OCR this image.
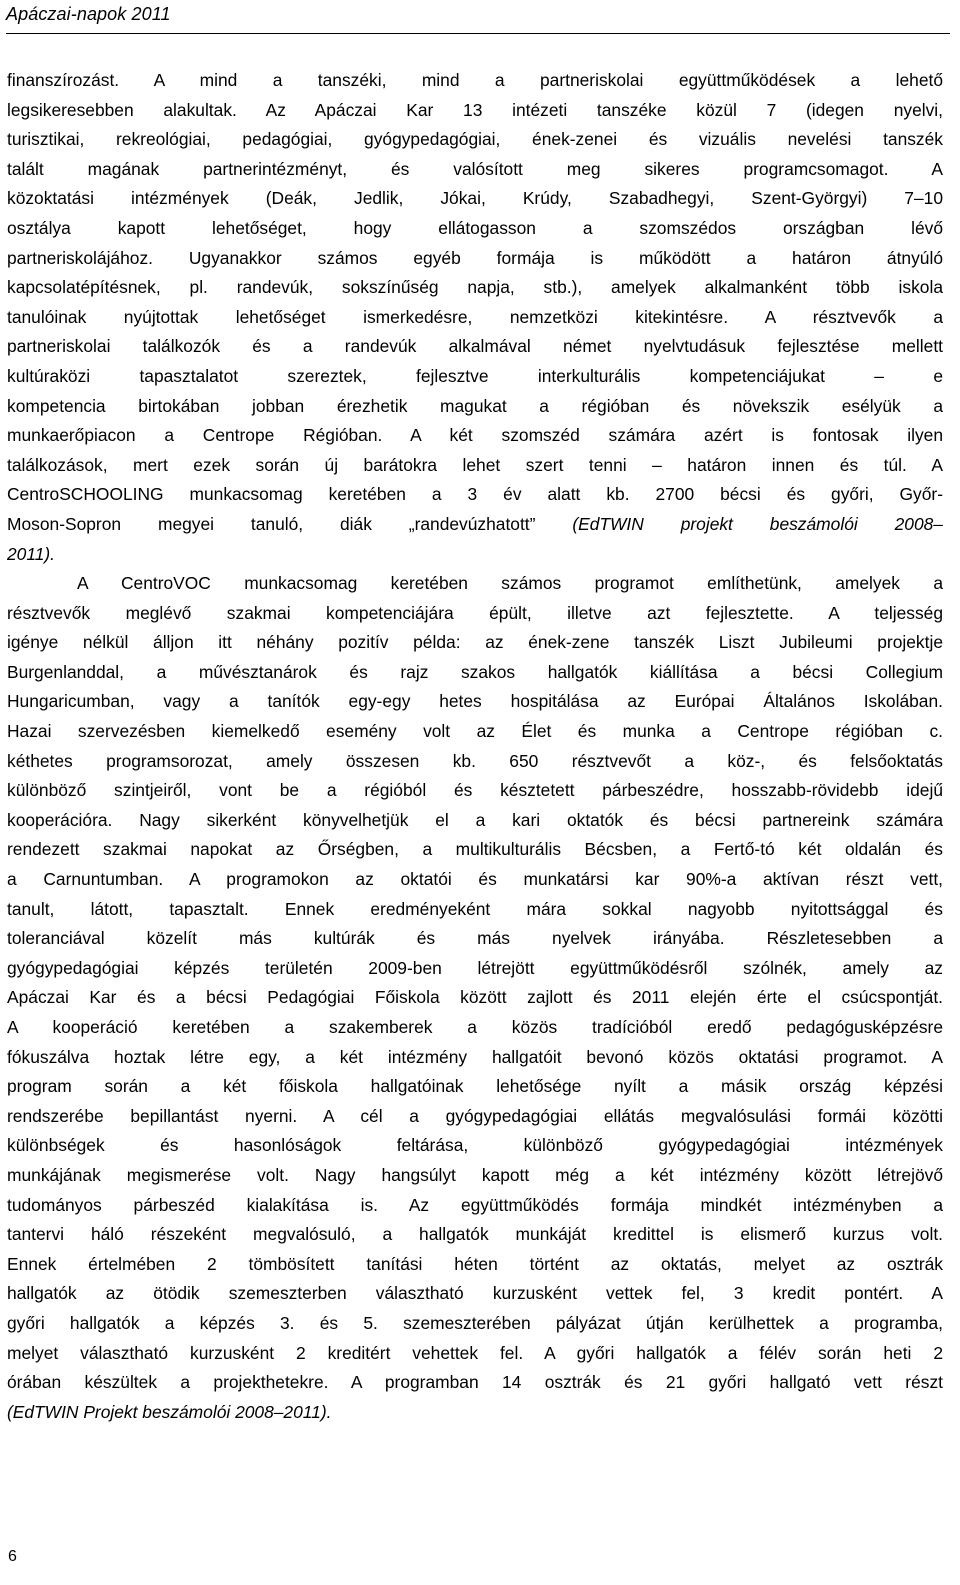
Apáczai-napok 2011
finanszírozást. A mind a tanszéki, mind a partneriskolai együttműködések a lehető
legsikeresebben alakultak. Az Apáczai Kar 13 intézeti tanszéke közül 7 (idegen nyelvi,
turisztikai, rekreológiai, pedagógiai, gyógypedagógiai, ének-zenei és vizuális nevelési tanszék
talált magának partnerintézményt, és valósított meg sikeres programcsomagot. A
közoktatási intézmények (Deák, Jedlik, Jókai, Krúdy, Szabadhegyi, Szent-Györgyi) 7–10
osztálya kapott lehetőséget, hogy ellátogasson a szomszédos országban lévő
partneriskolájához. Ugyanakkor számos egyéb formája is működött a határon átnyúló
kapcsolatépítésnek, pl. randevúk, sokszínűség napja, stb.), amelyek alkalmanként több iskola
tanulóinak nyújtottak lehetőséget ismerkedésre, nemzetközi kitekintésre. A résztvevők a
partneriskolai találkozók és a randevúk alkalmával német nyelvtudásuk fejlesztése mellett
kultúraközi tapasztalatot szereztek, fejlesztve interkulturális kompetenciájukat – e
kompetencia birtokában jobban érezhetik magukat a régióban és növekszik esélyük a
munkaerőpiacon a Centrope Régióban. A két szomszéd számára azért is fontosak ilyen
találkozások, mert ezek során új barátokra lehet szert tenni – határon innen és túl. A
CentroSCHOOLING munkacsomag keretében a 3 év alatt kb. 2700 bécsi és győri, Győr-
Moson-Sopron megyei tanuló, diák „randevúzhatott” (EdTWIN projekt beszámolói 2008–
2011).
A CentroVOC munkacsomag keretében számos programot említhetünk, amelyek a
résztvevők meglévő szakmai kompetenciájára épült, illetve azt fejlesztette. A teljesség
igénye nélkül álljon itt néhány pozitív példa: az ének-zene tanszék Liszt Jubileumi projektje
Burgenlanddal, a művésztanárok és rajz szakos hallgatók kiállítása a bécsi Collegium
Hungaricumban, vagy a tanítók egy-egy hetes hospitálása az Európai Általános Iskolában.
Hazai szervezésben kiemelkedő esemény volt az Élet és munka a Centrope régióban c.
kéthetes programsorozat, amely összesen kb. 650 résztvevőt a köz-, és felsőoktatás
különböző szintjeiről, vont be a régióból és késztetett párbeszédre, hosszabb-rövidebb idejű
kooperációra. Nagy sikerként könyvelhetjük el a kari oktatók és bécsi partnereink számára
rendezett szakmai napokat az Őrségben, a multikulturális Bécsben, a Fertő-tó két oldalán és
a Carnuntumban. A programokon az oktatói és munkatársi kar 90%-a aktívan részt vett,
tanult, látott, tapasztalt. Ennek eredményeként mára sokkal nagyobb nyitottsággal és
toleranciával közelít más kultúrák és más nyelvek irányába. Részletesebben a
gyógypedagógiai képzés területén 2009-ben létrejött együttműködésről szólnék, amely az
Apáczai Kar és a bécsi Pedagógiai Főiskola között zajlott és 2011 elején érte el csúcspontját.
A kooperáció keretében a szakemberek a közös tradícióból eredő pedagógusképzésre
fókuszálva hoztak létre egy, a két intézmény hallgatóit bevonó közös oktatási programot. A
program során a két főiskola hallgatóinak lehetősége nyílt a másik ország képzési
rendszerébe bepillantást nyerni. A cél a gyógypedagógiai ellátás megvalósulási formái közötti
különbségek és hasonlóságok feltárása, különböző gyógypedagógiai intézmények
munkájának megismerése volt. Nagy hangsúlyt kapott még a két intézmény között létrejövő
tudományos párbeszéd kialakítása is. Az együttműködés formája mindkét intézményben a
tantervi háló részeként megvalósuló, a hallgatók munkáját kredittel is elismerő kurzus volt.
Ennek értelmében 2 tömbösített tanítási héten történt az oktatás, melyet az osztrák
hallgatók az ötödik szemeszterben választható kurzusként vettek fel, 3 kredit pontért. A
győri hallgatók a képzés 3. és 5. szemeszterében pályázat útján kerülhettek a programba,
melyet választható kurzusként 2 kreditért vehettek fel. A győri hallgatók a félév során heti 2
órában készültek a projekthetekre. A programban 14 osztrák és 21 győri hallgató vett részt
(EdTWIN Projekt beszámolói 2008–2011).
6
